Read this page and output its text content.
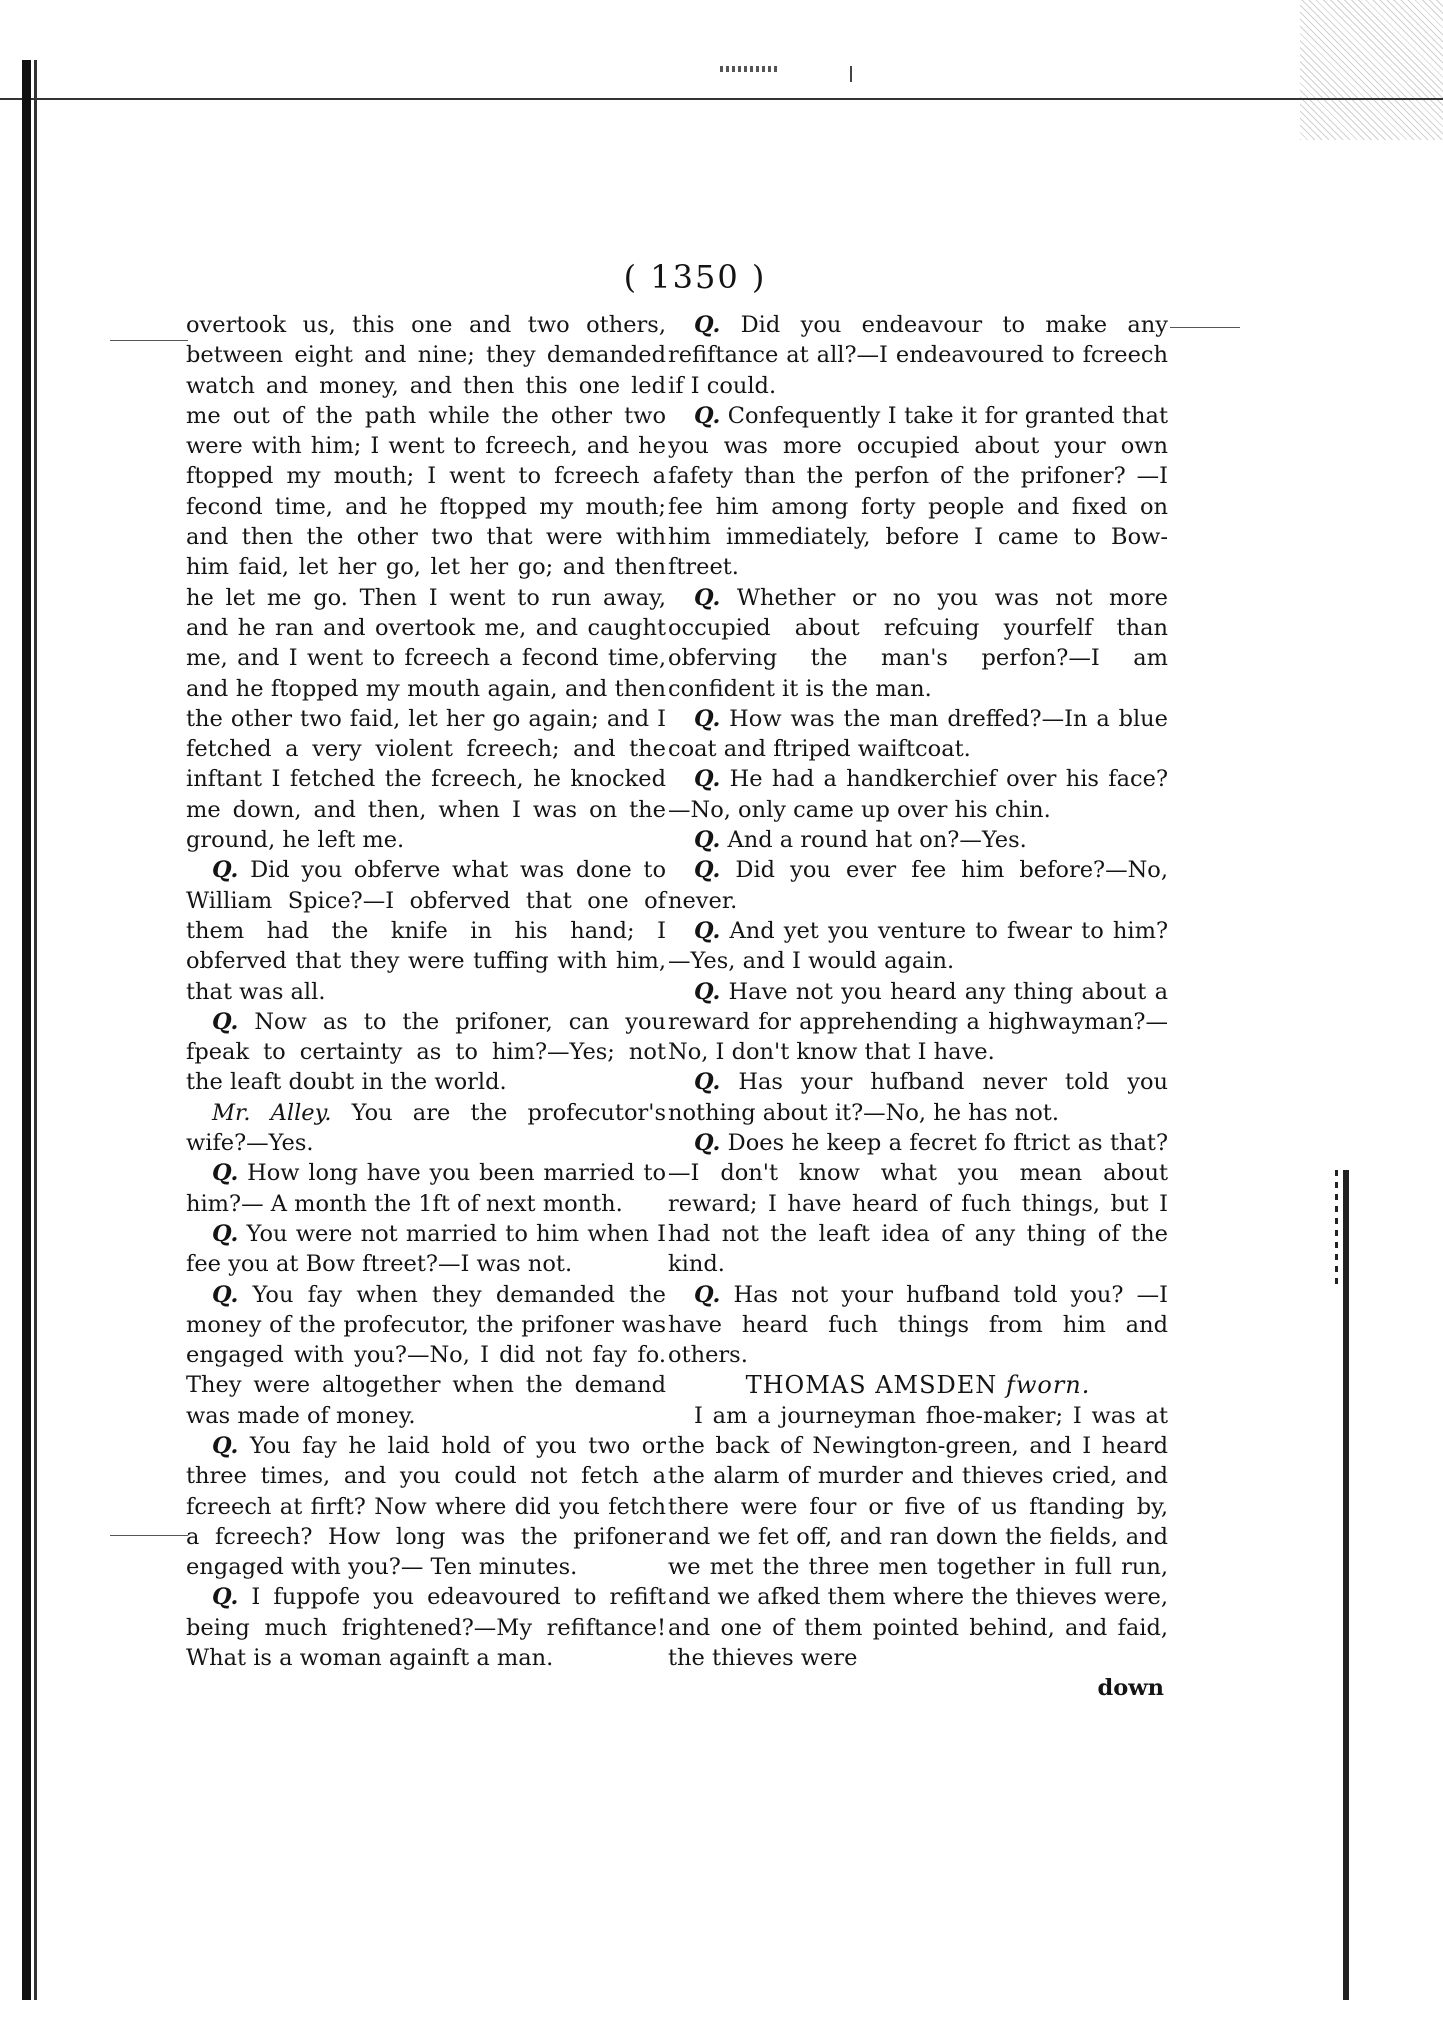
( 1350 )

overtook us, this one and two others, between eight and nine; they demanded watch and money, and then this one led me out of the path while the other two were with him; I went to fcreech, and he ftopped my mouth; I went to fcreech a fecond time, and he ftopped my mouth; and then the other two that were with him faid, let her go, let her go; and then he let me go. Then I went to run away, and he ran and overtook me, and caught me, and I went to fcreech a fecond time, and he ftopped my mouth again, and then the other two faid, let her go again; and I fetched a very violent fcreech; and the inftant I fetched the fcreech, he knocked me down, and then, when I was on the ground, he left me.

Q. Did you obferve what was done to William Spice?—I obferved that one of them had the knife in his hand; I obferved that they were tuffing with him, that was all.

Q. Now as to the prifoner, can you fpeak to certainty as to him?—Yes; not the leaft doubt in the world.

Mr. Alley. You are the profecutor's wife?—Yes.

Q. How long have you been married to him?— A month the 1ft of next month.

Q. You were not married to him when I fee you at Bow ftreet?—I was not.

Q. You fay when they demanded the money of the profecutor, the prifoner was engaged with you?—No, I did not fay fo. They were altogether when the demand was made of money.

Q. You fay he laid hold of you two or three times, and you could not fetch a fcreech at firft? Now where did you fetch a fcreech? How long was the prifoner engaged with you?— Ten minutes.

Q. I fuppofe you edeavoured to refift being much frightened?—My refiftance! What is a woman againft a man.

Q. Did you endeavour to make any refiftance at all?—I endeavoured to fcreech if I could.

Q. Confequently I take it for granted that you was more occupied about your own fafety than the perfon of the prifoner? —I fee him among forty people and fixed on him immediately, before I came to Bow-ftreet.

Q. Whether or no you was not more occupied about refcuing yourfelf than obferving the man's perfon?—I am confident it is the man.

Q. How was the man dreffed?—In a blue coat and ftriped waiftcoat.

Q. He had a handkerchief over his face?—No, only came up over his chin.

Q. And a round hat on?—Yes.

Q. Did you ever fee him before?—No, never.

Q. And yet you venture to fwear to him?—Yes, and I would again.

Q. Have not you heard any thing about a reward for apprehending a highwayman?—No, I don't know that I have.

Q. Has your hufband never told you nothing about it?—No, he has not.

Q. Does he keep a fecret fo ftrict as that?—I don't know what you mean about reward; I have heard of fuch things, but I had not the leaft idea of any thing of the kind.

Q. Has not your hufband told you? —I have heard fuch things from him and others.

THOMAS AMSDEN fworn.

I am a journeyman fhoe-maker; I was at the back of Newington-green, and I heard the alarm of murder and thieves cried, and there were four or five of us ftanding by, and we fet off, and ran down the fields, and we met the three men together in full run, and we afked them where the thieves were, and one of them pointed behind, and faid, the thieves were

down
